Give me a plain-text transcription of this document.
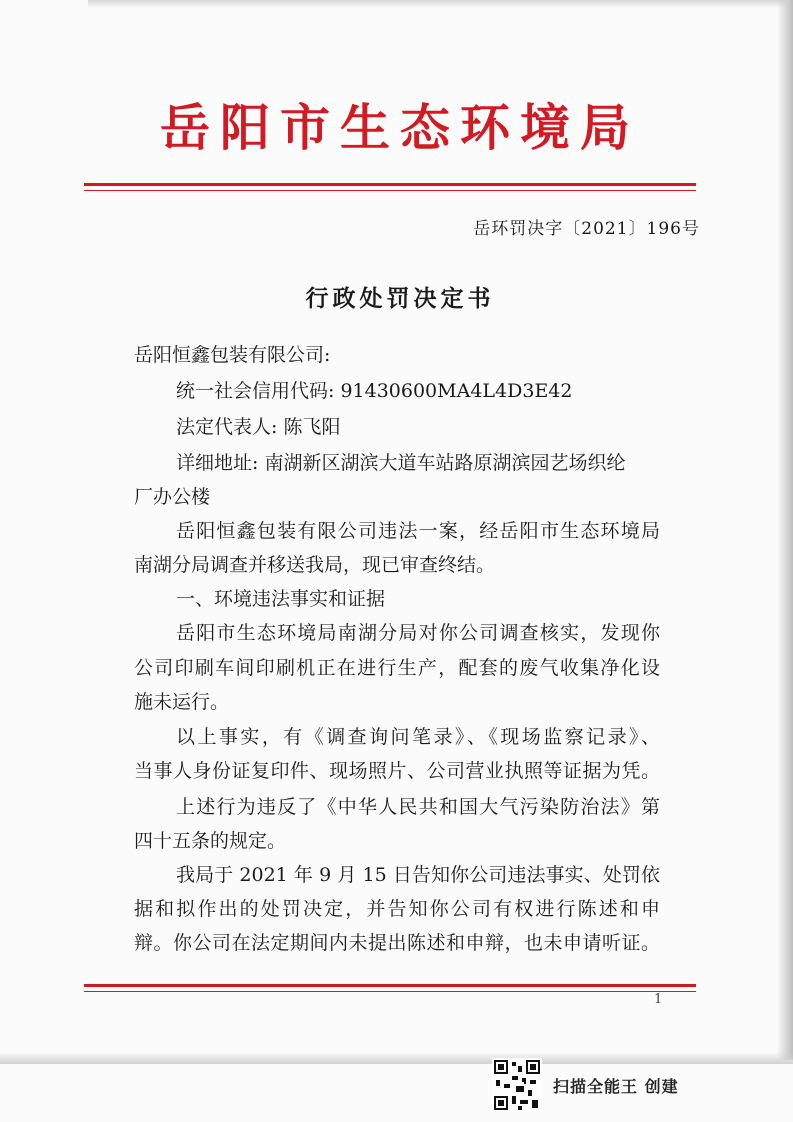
岳阳市生态环境局
岳环罚决字〔2021〕196号
行政处罚决定书
岳阳恒鑫包装有限公司:
统一社会信用代码: 91430600MA4L4D3E42
法定代表人: 陈飞阳
详细地址: 南湖新区湖滨大道车站路原湖滨园艺场织纶
厂办公楼
岳阳恒鑫包装有限公司违法一案，经岳阳市生态环境局
南湖分局调查并移送我局，现已审查终结。
一、环境违法事实和证据
岳阳市生态环境局南湖分局对你公司调查核实，发现你
公司印刷车间印刷机正在进行生产，配套的废气收集净化设
施未运行。
以上事实，有《调查询问笔录》、《现场监察记录》、
当事人身份证复印件、现场照片、公司营业执照等证据为凭。
上述行为违反了《中华人民共和国大气污染防治法》第
四十五条的规定。
我局于 2021 年 9 月 15 日告知你公司违法事实、处罚依
据和拟作出的处罚决定，并告知你公司有权进行陈述和申
辩。你公司在法定期间内未提出陈述和申辩，也未申请听证。
1
扫描全能王 创建
